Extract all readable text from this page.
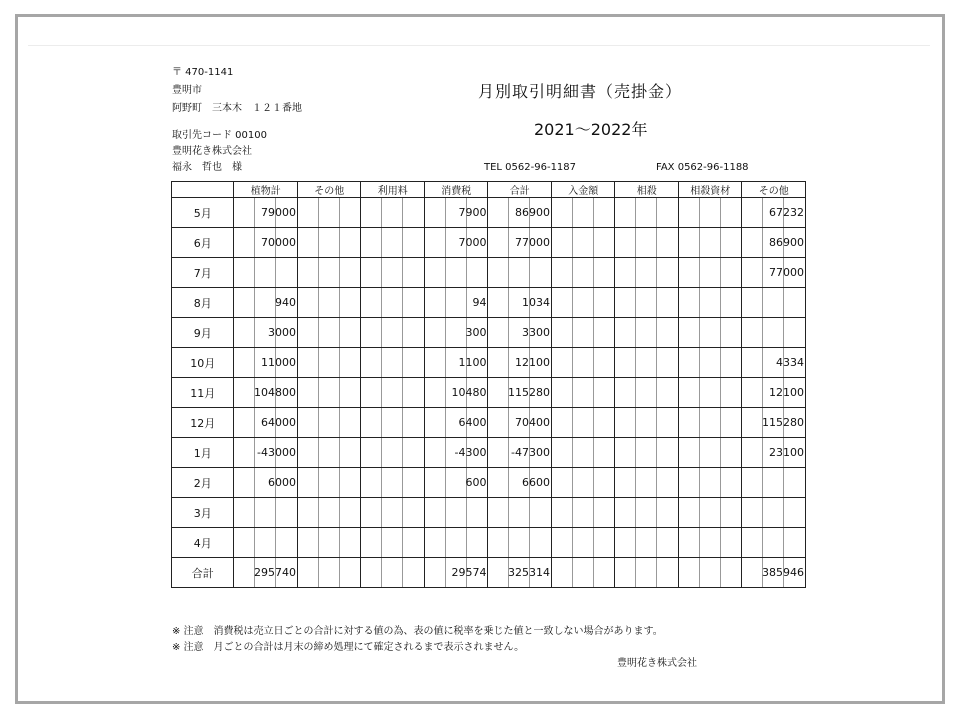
〒 470-1141
豊明市
阿野町　三本木　１２１番地
取引先コード 00100
豊明花き株式会社
福永　哲也　様	TEL 0562-96-1187	FAX 0562-96-1188
月別取引明細書（売掛金）
2021～2022年
	植物計	その他	利用料	消費税	合計	入金額	相殺	相殺資材	その他
5月	79000			7900	86900				67232

6月	70000			7000	77000				86900

7月									77000

8月	940			94	1034				

9月	3000			300	3300				

10月	11000			1100	12100				4334

11月	104800			10480	115280				12100

12月	64000			6400	70400				115280

1月	-43000			-4300	-47300				23100

2月	6000			600	6600				

3月	

4月	

合計	295740			29574	325314				385946
※ 注意　消費税は売立日ごとの合計に対する値の為、表の値に税率を乗じた値と一致しない場合があります。
※ 注意　月ごとの合計は月末の締め処理にて確定されるまで表示されません。
豊明花き株式会社
